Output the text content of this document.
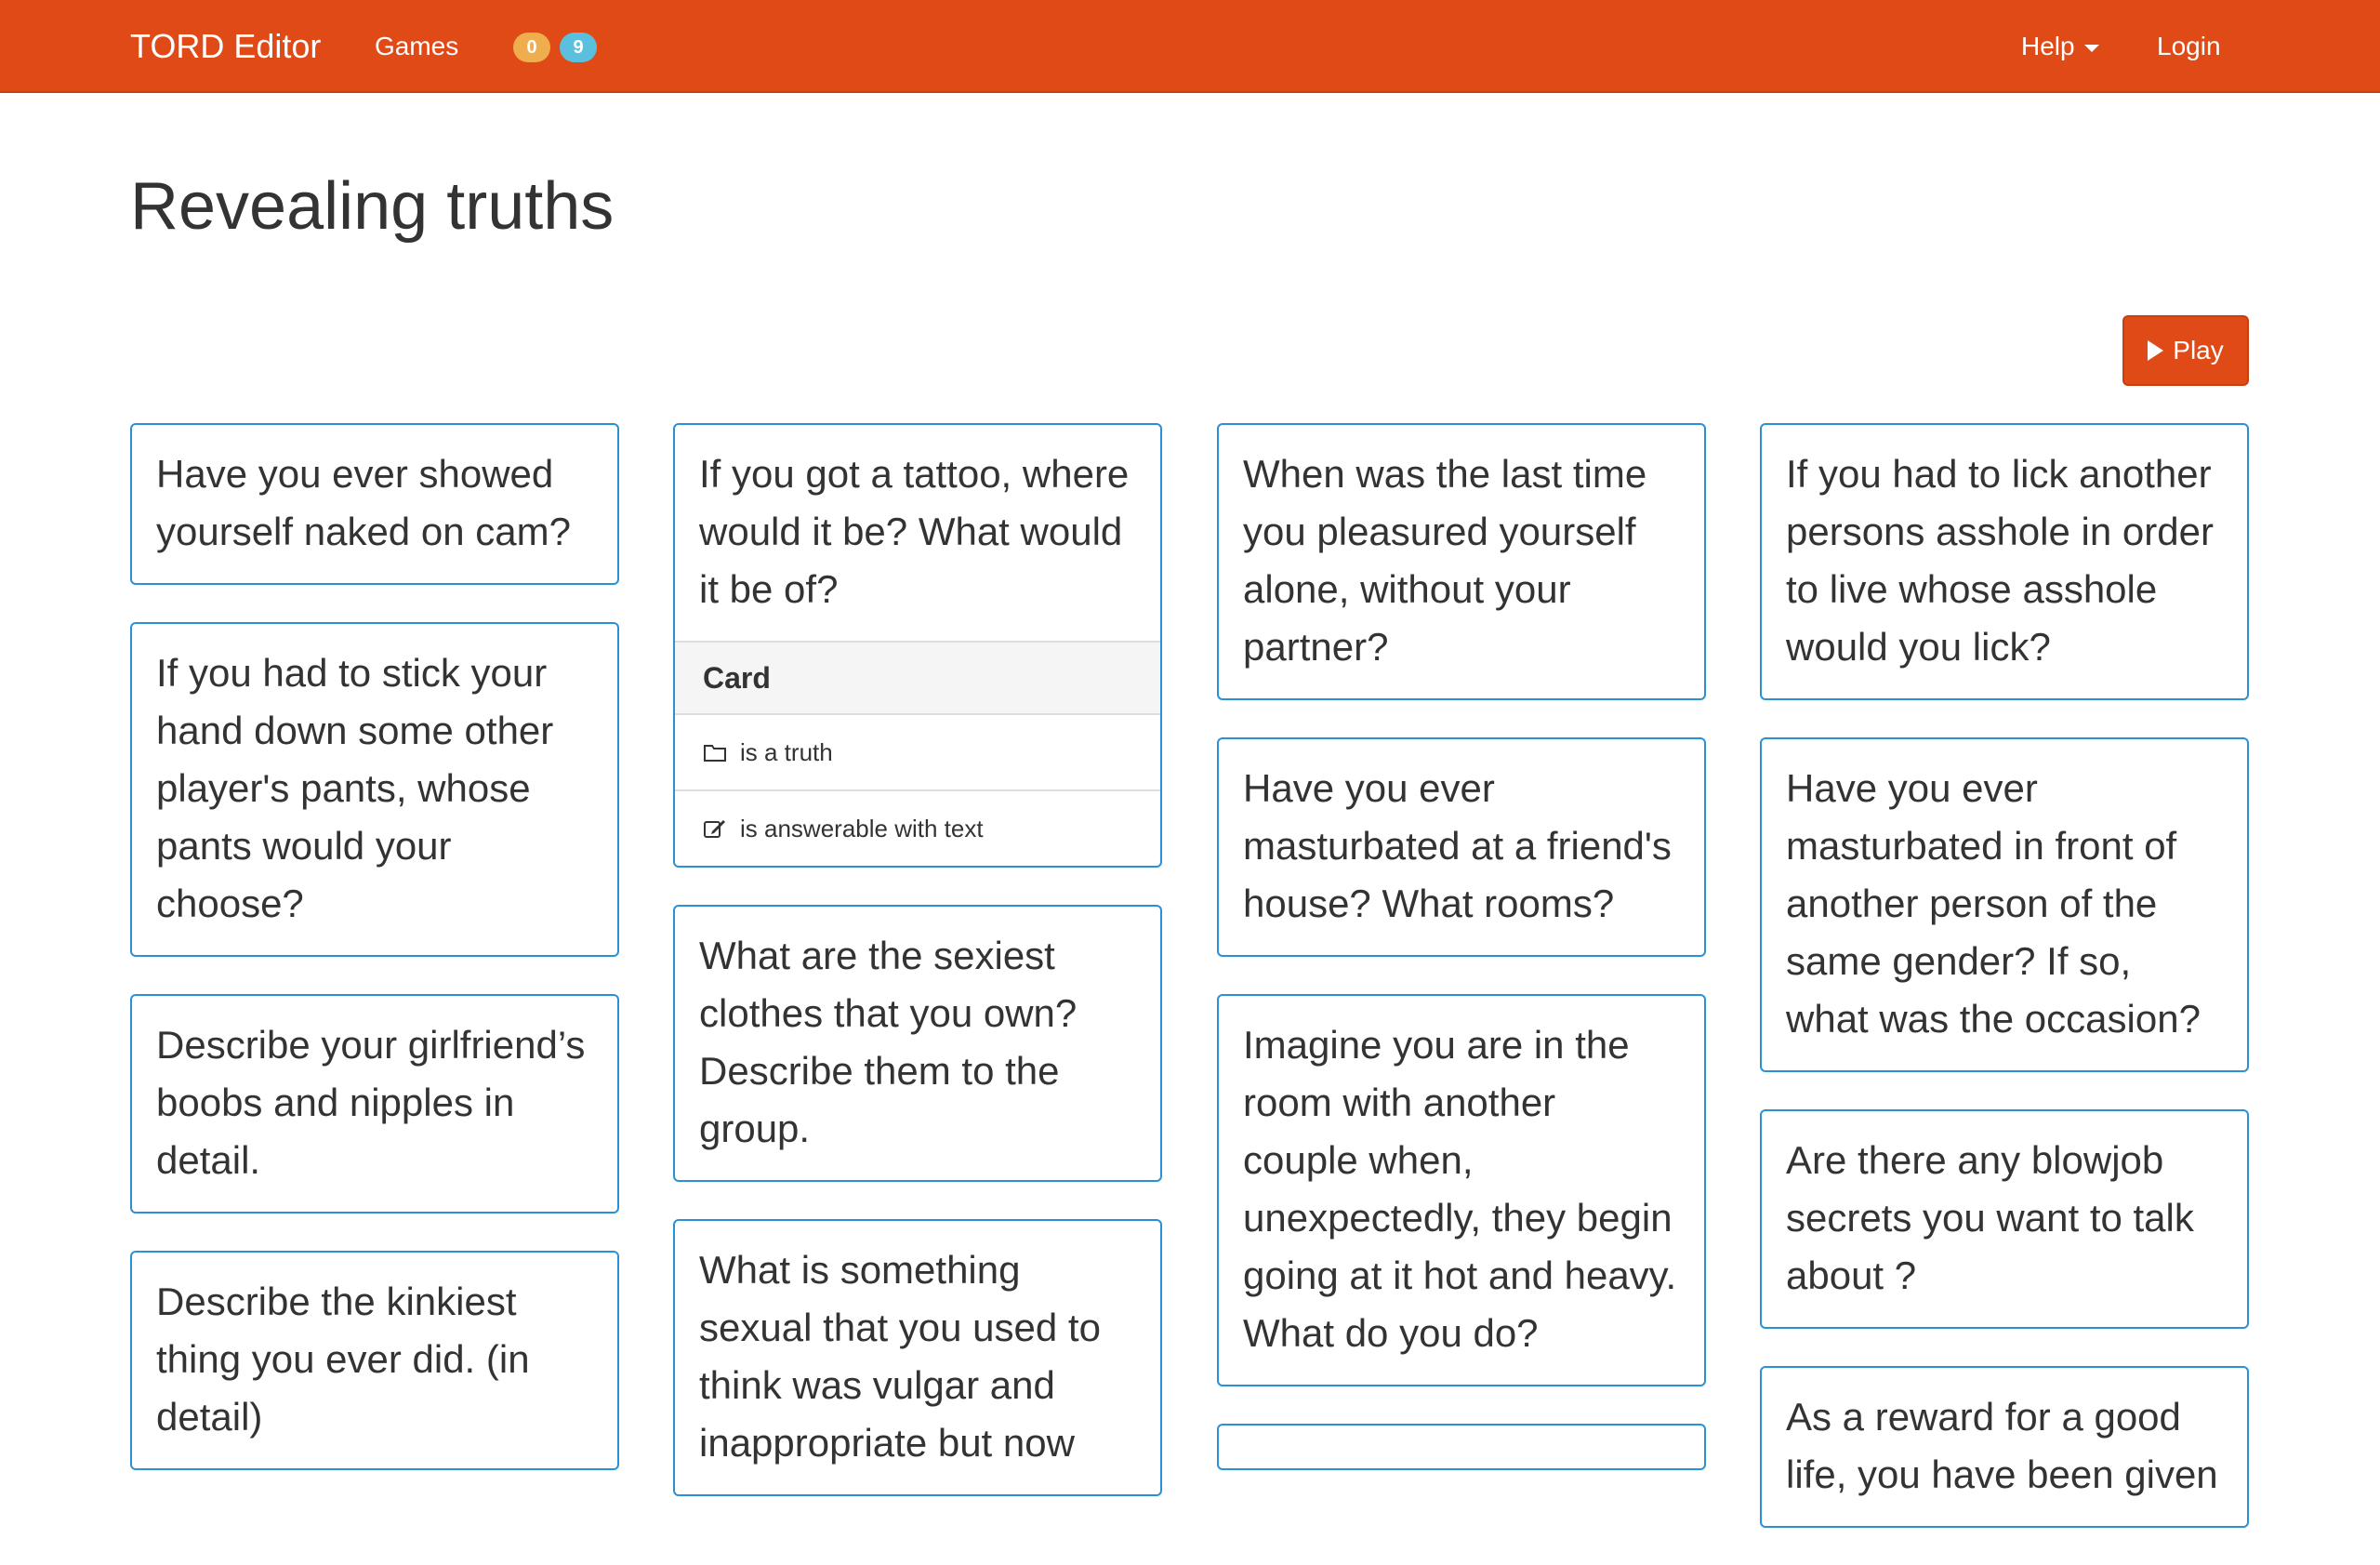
TORD Editor Games	0	9	Help	Login
Revealing truths
Play
Have you ever showed yourself naked on cam?
If you had to stick your hand down some other player's pants, whose pants would your choose?
Describe your girlfriend’s boobs and nipples in detail.
Describe the kinkiest thing you ever did. (in detail)
If you got a tattoo, where would it be? What would it be of?
Card
is a truth
is answerable with text
What are the sexiest clothes that you own? Describe them to the group.
What is something sexual that you used to think was vulgar and inappropriate but now
When was the last time you pleasured yourself alone, without your partner?
Have you ever masturbated at a friend's house? What rooms?
Imagine you are in the room with another couple when, unexpectedly, they begin going at it hot and heavy. What do you do?
If you had to lick another persons asshole in order to live whose asshole would you lick?
Have you ever masturbated in front of another person of the same gender? If so, what was the occasion?
Are there any blowjob secrets you want to talk about ?
As a reward for a good life, you have been given
